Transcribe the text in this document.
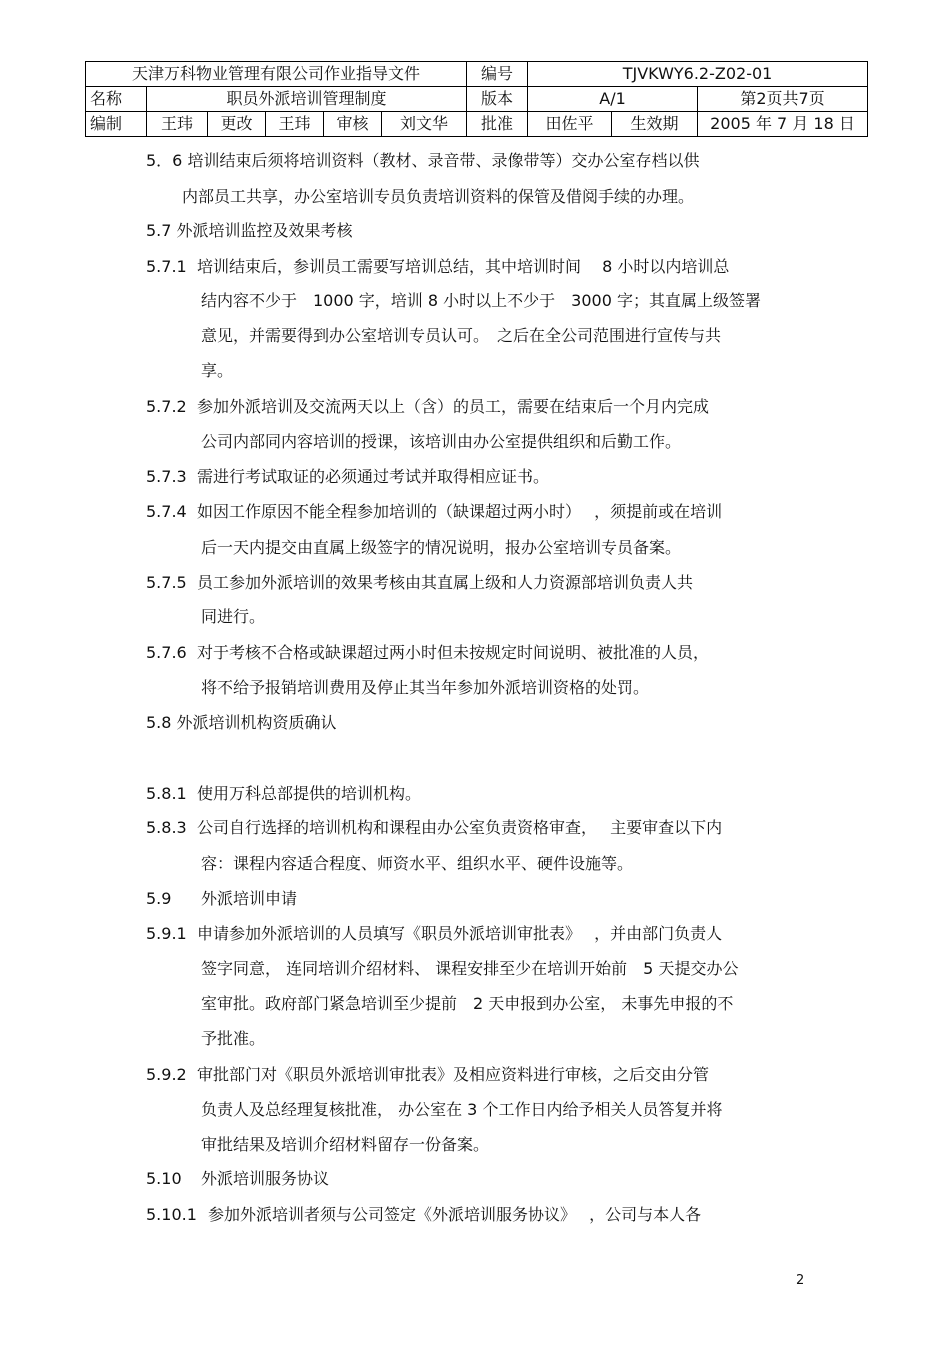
天津万科物业管理有限公司作业指导文件						编号	TJVKWY6.2-Z02-01		
名称	职员外派培训管理制度					版本	A/1		第2页共7页
编制	王玮	更改	王玮	审核	刘文华	批准	田佐平	生效期	2005 年 7 月 18 日
5．6 培训结束后须将培训资料（教材、录音带、录像带等）交办公室存档以供
内部员工共享，办公室培训专员负责培训资料的保管及借阅手续的办理。
5.7 外派培训监控及效果考核
5.7.1 培训结束后，参训员工需要写培训总结，其中培训时间　 8 小时以内培训总
结内容不少于　1000 字，培训 8 小时以上不少于　3000 字；其直属上级签署
意见，并需要得到办公室培训专员认可。　之后在全公司范围进行宣传与共
享。
5.7.2 参加外派培训及交流两天以上（含）的员工，需要在结束后一个月内完成
公司内部同内容培训的授课，该培训由办公室提供组织和后勤工作。
5.7.3 需进行考试取证的必须通过考试并取得相应证书。
5.7.4 如因工作原因不能全程参加培训的（缺课超过两小时）　 ，须提前或在培训
后一天内提交由直属上级签字的情况说明，报办公室培训专员备案。
5.7.5 员工参加外派培训的效果考核由其直属上级和人力资源部培训负责人共
同进行。
5.7.6 对于考核不合格或缺课超过两小时但未按规定时间说明、被批准的人员，
将不给予报销培训费用及停止其当年参加外派培训资格的处罚。
5.8 外派培训机构资质确认
5.8.1 使用万科总部提供的培训机构。
5.8.3 公司自行选择的培训机构和课程由办公室负责资格审查，　 主要审查以下内
容：课程内容适合程度、师资水平、组织水平、硬件设施等。
5.9 外派培训申请
5.9.1 申请参加外派培训的人员填写《职员外派培训审批表》　 ，并由部门负责人
签字同意， 连同培训介绍材料、 课程安排至少在培训开始前　5 天提交办公
室审批。政府部门紧急培训至少提前　2 天申报到办公室， 未事先申报的不
予批准。
5.9.2 审批部门对《职员外派培训审批表》及相应资料进行审核，之后交由分管
负责人及总经理复核批准， 办公室在 3 个工作日内给予相关人员答复并将
审批结果及培训介绍材料留存一份备案。
5.10 外派培训服务协议
5.10.1 参加外派培训者须与公司签定《外派培训服务协议》　 ，公司与本人各
2
